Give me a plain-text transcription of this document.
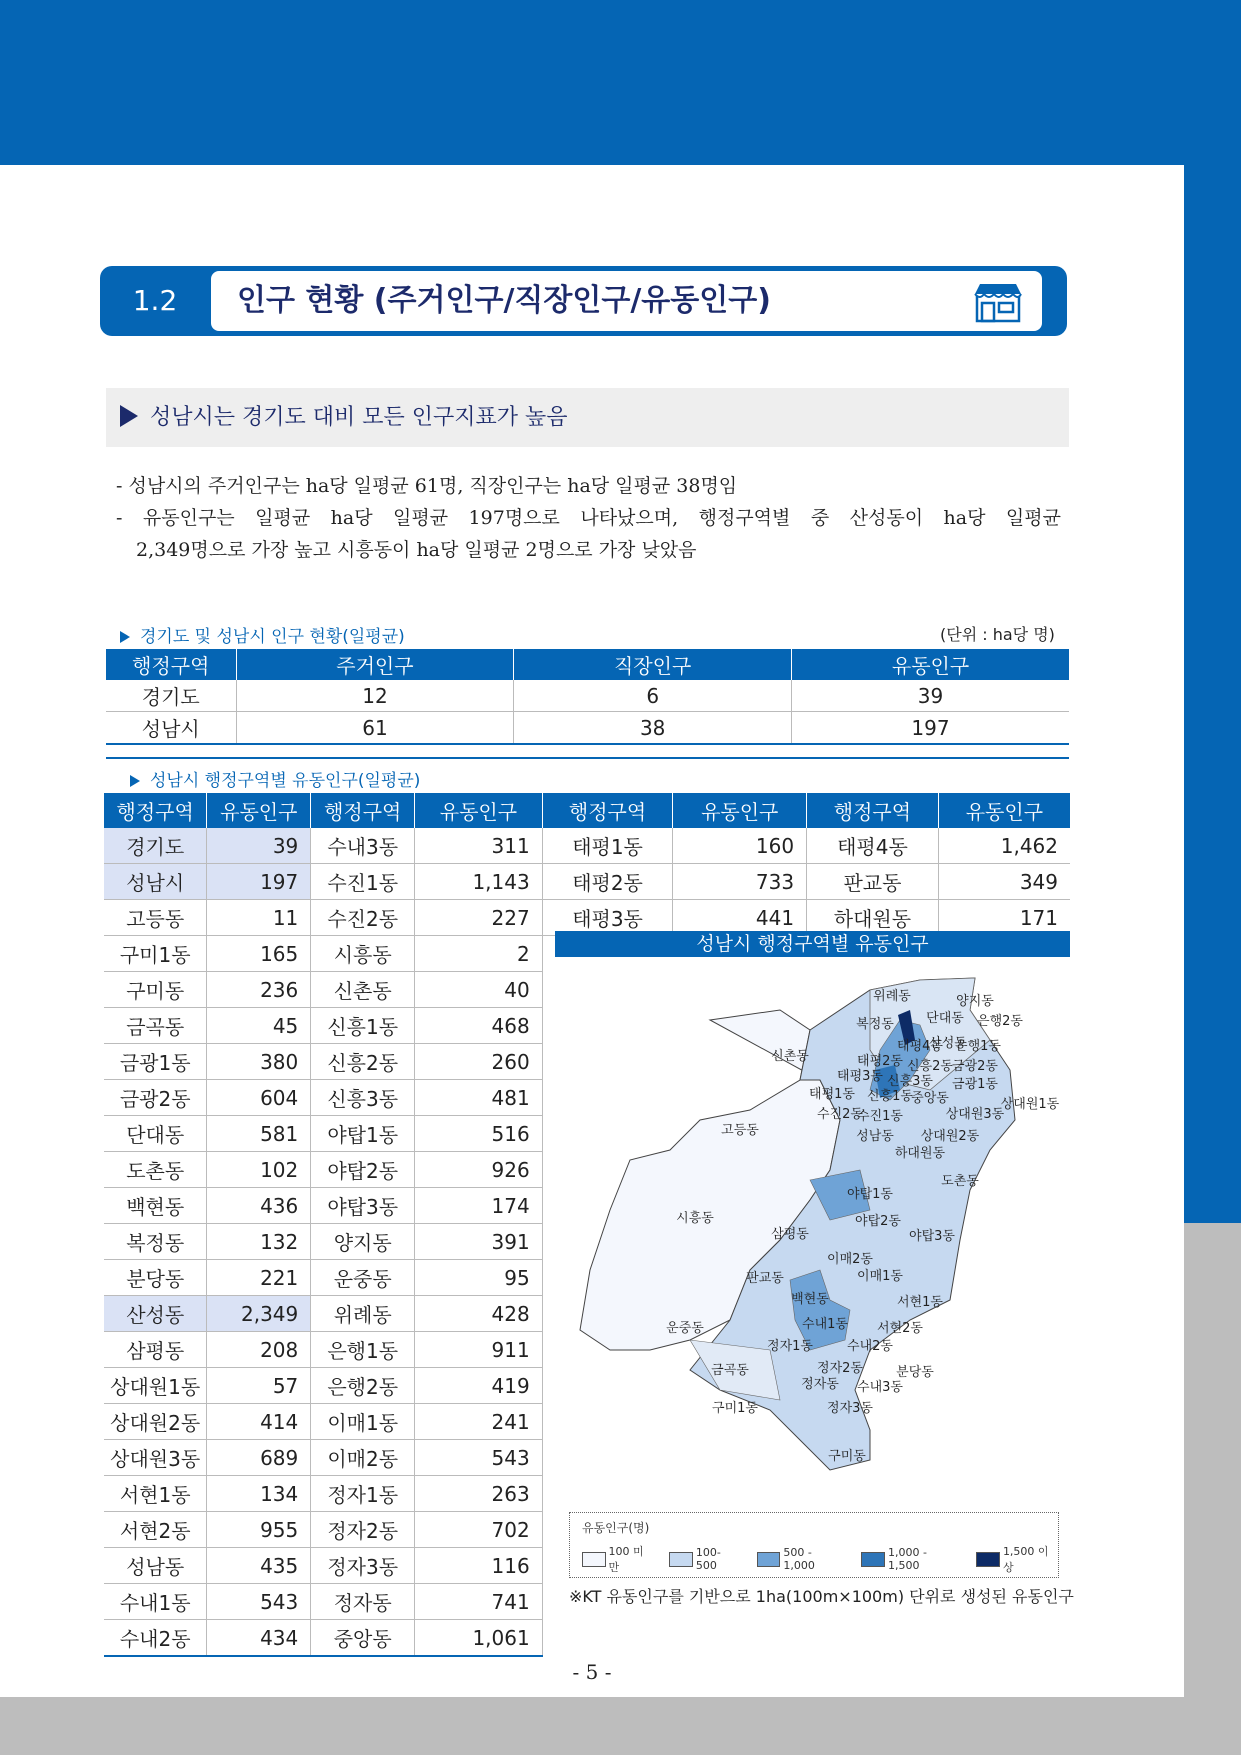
1.2	인구 현황 (주거인구/직장인구/유동인구)
성남시는 경기도 대비 모든 인구지표가 높음

- 성남시의 주거인구는 ha당 일평균 61명, 직장인구는 ha당 일평균 38명임

- 유동인구는 일평균 ha당 일평균 197명으로 나타났으며, 행정구역별 중 산성동이 ha당 일평균

2,349명으로 가장 높고 시흥동이 ha당 일평균 2명으로 가장 낮았음

경기도 및 성남시 인구 현황(일평균)	(단위 : ha당 명)
행정구역	주거인구	직장인구	유동인구
경기도	12	6	39
성남시	61	38	197
성남시 행정구역별 유동인구(일평균)
행정구역	유동인구	행정구역	유동인구	행정구역	유동인구	행정구역	유동인구
경기도	39	수내3동	311	태평1동	160	태평4동	1,462
성남시	197	수진1동	1,143	태평2동	733	판교동	349
고등동	11	수진2동	227	태평3동	441	하대원동	171
구미1동	165	시흥동	2				
구미동	236	신촌동	40				
금곡동	45	신흥1동	468				
금광1동	380	신흥2동	260				
금광2동	604	신흥3동	481				
단대동	581	야탑1동	516				
도촌동	102	야탑2동	926				
백현동	436	야탑3동	174				
복정동	132	양지동	391				
분당동	221	운중동	95				
산성동	2,349	위례동	428				
삼평동	208	은행1동	911				
상대원1동	57	은행2동	419				
상대원2동	414	이매1동	241				
상대원3동	689	이매2동	543				
서현1동	134	정자1동	263				
서현2동	955	정자2동	702				
성남동	435	정자3동	116				
수내1동	543	정자동	741				
수내2동	434	중앙동	1,061				
성남시 행정구역별 유동인구
위례동	양지동
단대동 은행2동
복정동
태평4동
산성동
은행1동
신촌동	태평2동
태평3동
신흥2동 금광2동
신흥3동 금광1동
태평1동 신흥1동
중앙동	상대원1동
수진2동
수진1동	상대원3동
고등동	성남동 상대원2동
하대원동
도촌동
야탑1동
시흥동	야탑2동
삼평동	야탑3동
이매2동
판교동	이매1동
백현동	서현1동
운중동	수내1동 서현2동
정자1동	수내2동
정자2동
금곡동	분당동
정자동 수내3동
구미1동	정자3동
구미동
유동인구(명)
100 미만
100-500
500 - 1,000
1,000 - 1,500
1,500 이상
※KT 유동인구를 기반으로 1ha(100m×100m) 단위로 생성된 유동인구
- 5 -
